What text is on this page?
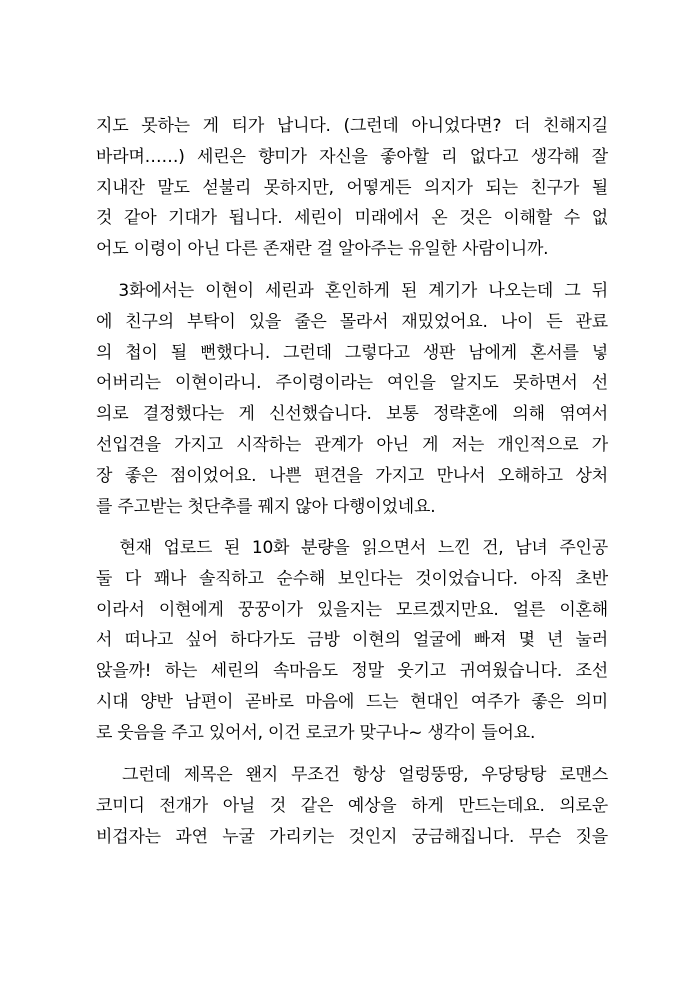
지도 못하는 게 티가 납니다. (그런데 아니었다면? 더 친해지길
바라며……) 세린은 향미가 자신을 좋아할 리 없다고 생각해 잘
지내잔 말도 섣불리 못하지만, 어떻게든 의지가 되는 친구가 될
것 같아 기대가 됩니다. 세린이 미래에서 온 것은 이해할 수 없
어도 이령이 아닌 다른 존재란 걸 알아주는 유일한 사람이니까.
3화에서는 이현이 세린과 혼인하게 된 계기가 나오는데 그 뒤
에 친구의 부탁이 있을 줄은 몰라서 재밌었어요. 나이 든 관료
의 첩이 될 뻔했다니. 그런데 그렇다고 생판 남에게 혼서를 넣
어버리는 이현이라니. 주이령이라는 여인을 알지도 못하면서 선
의로 결정했다는 게 신선했습니다. 보통 정략혼에 의해 엮여서
선입견을 가지고 시작하는 관계가 아닌 게 저는 개인적으로 가
장 좋은 점이었어요. 나쁜 편견을 가지고 만나서 오해하고 상처
를 주고받는 첫단추를 꿰지 않아 다행이었네요.
현재 업로드 된 10화 분량을 읽으면서 느낀 건, 남녀 주인공
둘 다 꽤나 솔직하고 순수해 보인다는 것이었습니다. 아직 초반
이라서 이현에게 꿍꿍이가 있을지는 모르겠지만요. 얼른 이혼해
서 떠나고 싶어 하다가도 금방 이현의 얼굴에 빠져 몇 년 눌러
앉을까! 하는 세린의 속마음도 정말 웃기고 귀여웠습니다. 조선
시대 양반 남편이 곧바로 마음에 드는 현대인 여주가 좋은 의미
로 웃음을 주고 있어서, 이건 로코가 맞구나~ 생각이 들어요.
그런데 제목은 왠지 무조건 항상 얼렁뚱땅, 우당탕탕 로맨스
코미디 전개가 아닐 것 같은 예상을 하게 만드는데요. 의로운
비겁자는 과연 누굴 가리키는 것인지 궁금해집니다. 무슨 짓을
